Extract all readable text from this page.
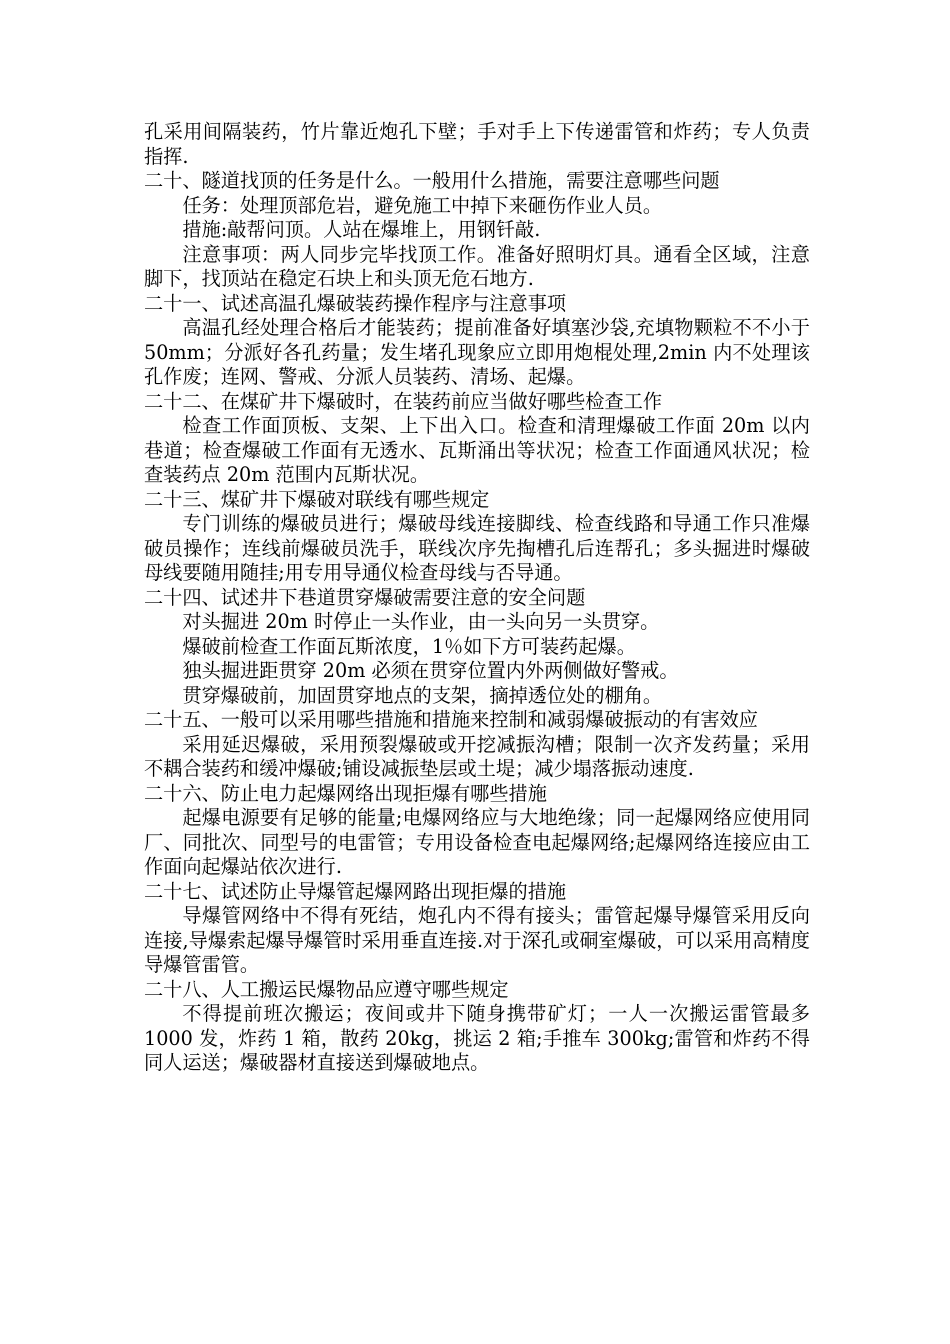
孔采用间隔装药，竹片靠近炮孔下壁；手对手上下传递雷管和炸药；专人负责指挥.

二十、隧道找顶的任务是什么。一般用什么措施，需要注意哪些问题

任务：处理顶部危岩，避免施工中掉下来砸伤作业人员。

措施:敲帮问顶。人站在爆堆上，用钢钎敲.

注意事项：两人同步完毕找顶工作。准备好照明灯具。通看全区域，注意脚下，找顶站在稳定石块上和头顶无危石地方.

二十一、试述高温孔爆破装药操作程序与注意事项

高温孔经处理合格后才能装药；提前准备好填塞沙袋,充填物颗粒不不小于 50mm；分派好各孔药量；发生堵孔现象应立即用炮棍处理,2min 内不处理该孔作废；连网、警戒、分派人员装药、清场、起爆。

二十二、在煤矿井下爆破时，在装药前应当做好哪些检查工作

检查工作面顶板、支架、上下出入口。检查和清理爆破工作面 20m 以内巷道；检查爆破工作面有无透水、瓦斯涌出等状况；检查工作面通风状况；检查装药点 20m 范围内瓦斯状况。

二十三、煤矿井下爆破对联线有哪些规定

专门训练的爆破员进行；爆破母线连接脚线、检查线路和导通工作只准爆破员操作；连线前爆破员洗手，联线次序先掏槽孔后连帮孔；多头掘进时爆破母线要随用随挂;用专用导通仪检查母线与否导通。

二十四、试述井下巷道贯穿爆破需要注意的安全问题

对头掘进 20m 时停止一头作业，由一头向另一头贯穿。

爆破前检查工作面瓦斯浓度，1％如下方可装药起爆。

独头掘进距贯穿 20m 必须在贯穿位置内外两侧做好警戒。

贯穿爆破前，加固贯穿地点的支架，摘掉透位处的棚角。

二十五、一般可以采用哪些措施和措施来控制和减弱爆破振动的有害效应

采用延迟爆破，采用预裂爆破或开挖减振沟槽；限制一次齐发药量；采用不耦合装药和缓冲爆破;铺设减振垫层或土堤；减少塌落振动速度.

二十六、防止电力起爆网络出现拒爆有哪些措施

起爆电源要有足够的能量;电爆网络应与大地绝缘；同一起爆网络应使用同厂、同批次、同型号的电雷管；专用设备检查电起爆网络;起爆网络连接应由工作面向起爆站依次进行.

二十七、试述防止导爆管起爆网路出现拒爆的措施

导爆管网络中不得有死结，炮孔内不得有接头；雷管起爆导爆管采用反向连接,导爆索起爆导爆管时采用垂直连接.对于深孔或硐室爆破，可以采用高精度导爆管雷管。

二十八、人工搬运民爆物品应遵守哪些规定

不得提前班次搬运；夜间或井下随身携带矿灯；一人一次搬运雷管最多 1000 发，炸药 1 箱，散药 20kg，挑运 2 箱;手推车 300kg;雷管和炸药不得同人运送；爆破器材直接送到爆破地点。
